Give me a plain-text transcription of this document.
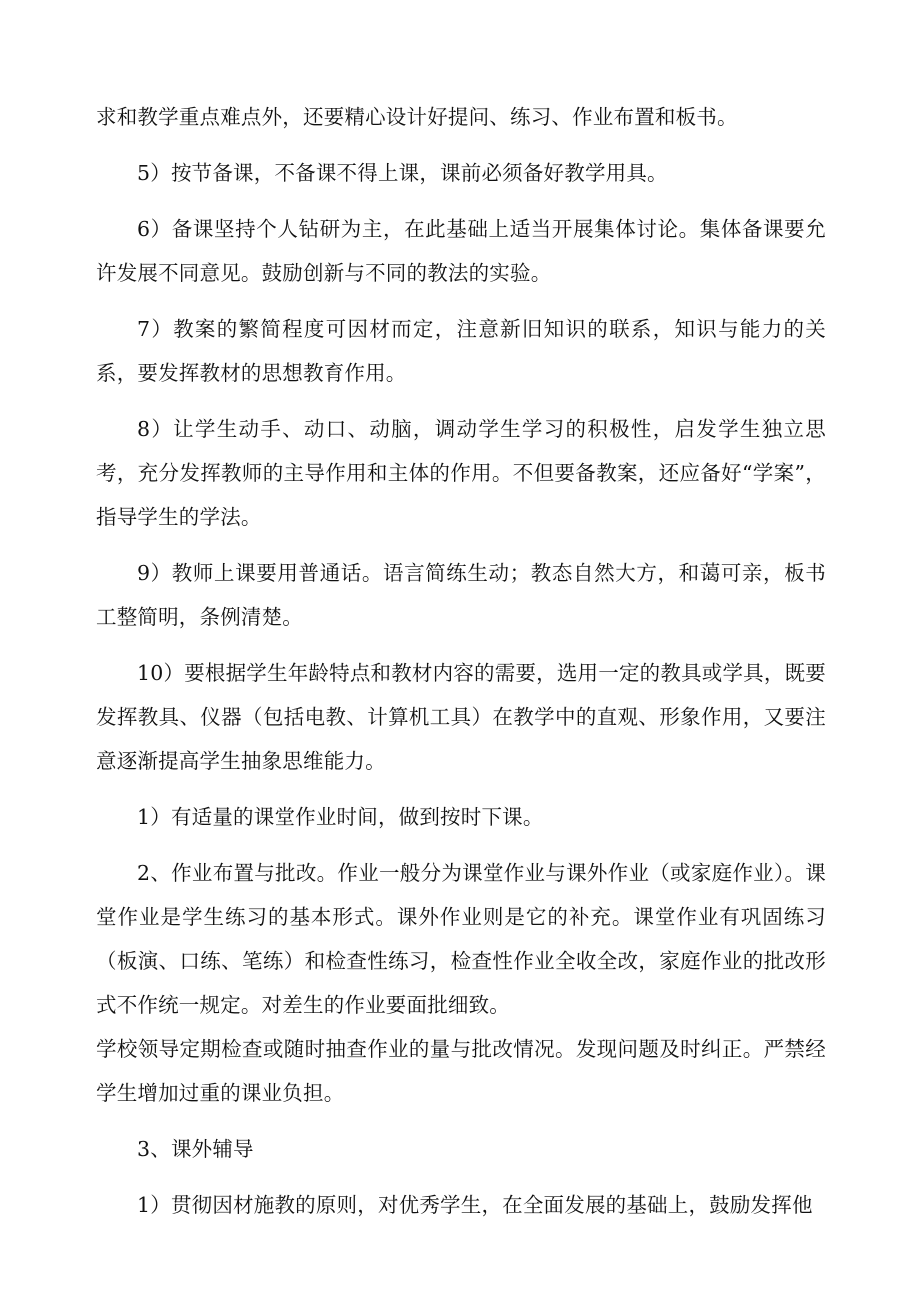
求和教学重点难点外，还要精心设计好提问、练习、作业布置和板书。

5）按节备课，不备课不得上课，课前必须备好教学用具。

6）备课坚持个人钻研为主，在此基础上适当开展集体讨论。集体备课要允许发展不同意见。鼓励创新与不同的教法的实验。

7）教案的繁简程度可因材而定，注意新旧知识的联系，知识与能力的关系，要发挥教材的思想教育作用。

8）让学生动手、动口、动脑，调动学生学习的积极性，启发学生独立思考，充分发挥教师的主导作用和主体的作用。不但要备教案，还应备好“学案”，指导学生的学法。

9）教师上课要用普通话。语言简练生动；教态自然大方，和蔼可亲，板书工整简明，条例清楚。

10）要根据学生年龄特点和教材内容的需要，选用一定的教具或学具，既要发挥教具、仪器（包括电教、计算机工具）在教学中的直观、形象作用，又要注意逐渐提高学生抽象思维能力。

1）有适量的课堂作业时间，做到按时下课。

2、作业布置与批改。作业一般分为课堂作业与课外作业（或家庭作业）。课堂作业是学生练习的基本形式。课外作业则是它的补充。课堂作业有巩固练习（板演、口练、笔练）和检查性练习，检查性作业全收全改，家庭作业的批改形式不作统一规定。对差生的作业要面批细致。

学校领导定期检查或随时抽查作业的量与批改情况。发现问题及时纠正。严禁经学生增加过重的课业负担。

3、课外辅导

1）贯彻因材施教的原则，对优秀学生，在全面发展的基础上，鼓励发挥他
